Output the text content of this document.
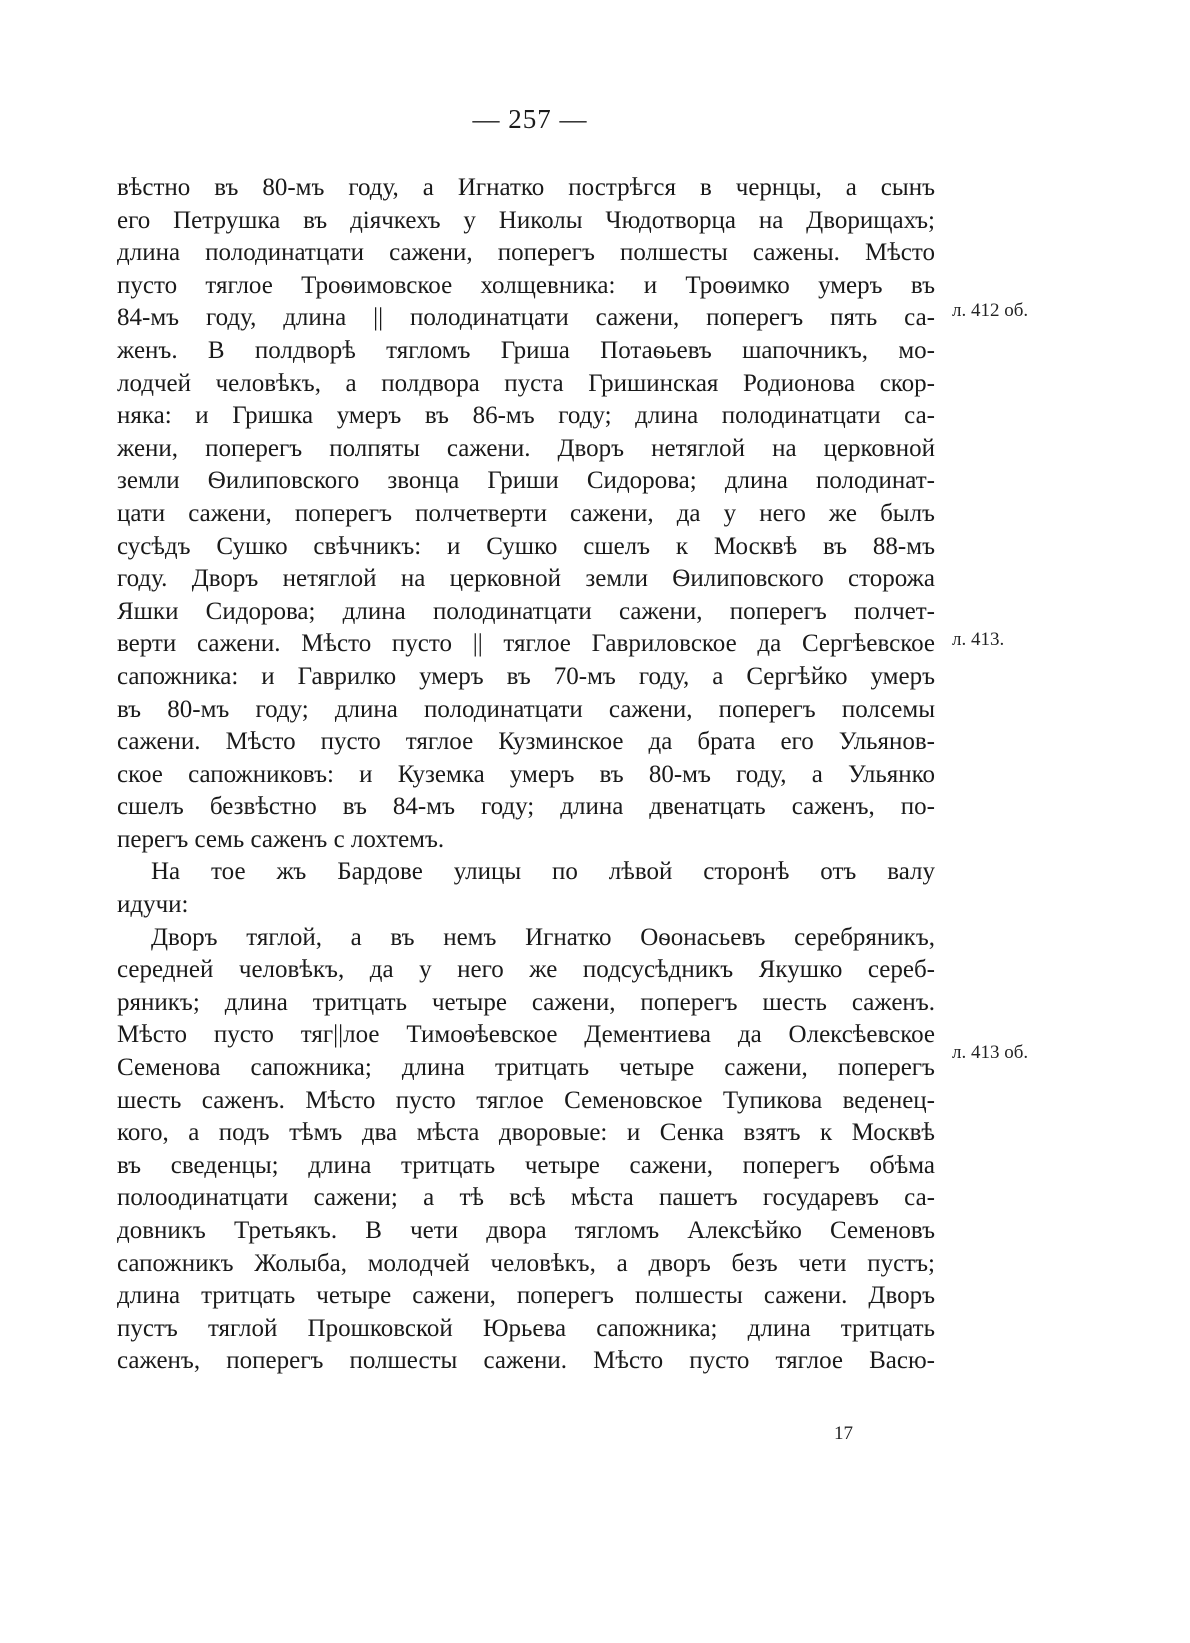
— 257 —
вѣстно въ 80-мъ году, а Игнатко пострѣгся в чернцы, а сынъ
его Петрушка въ діячкехъ у Николы Чюдотворца на Дворищахъ;
длина полодинатцати сажени, поперегъ полшесты сажены. Мѣсто
пусто тяглое Троѳимовское холщевника: и Троѳимко умеръ въ
84-мъ году, длина || полодинатцати сажени, поперегъ пять са-
женъ. В полдворѣ тягломъ Гриша Потаѳьевъ шапочникъ, мо-
лодчей человѣкъ, а полдвора пуста Гришинская Родионова скор-
няка: и Гришка умеръ въ 86-мъ году; длина полодинатцати са-
жени, поперегъ полпяты сажени. Дворъ нетяглой на церковной
земли Ѳилиповского звонца Гриши Сидорова; длина полодинат-
цати сажени, поперегъ полчетверти сажени, да у него же былъ
сусѣдъ Сушко свѣчникъ: и Сушко сшелъ к Москвѣ въ 88-мъ
году. Дворъ нетяглой на церковной земли Ѳилиповского сторожа
Яшки Сидорова; длина полодинатцати сажени, поперегъ полчет-
верти сажени. Мѣсто пусто || тяглое Гавриловское да Сергѣевское
сапожника: и Гаврилко умеръ въ 70-мъ году, а Сергѣйко умеръ
въ 80-мъ году; длина полодинатцати сажени, поперегъ полсемы
сажени. Мѣсто пусто тяглое Кузминское да брата его Ульянов-
ское сапожниковъ: и Куземка умеръ въ 80-мъ году, а Ульянко
сшелъ безвѣстно въ 84-мъ году; длина двенатцать саженъ, по-
перегъ семь саженъ с лохтемъ.
На тое жъ Бардове улицы по лѣвой сторонѣ отъ валу
идучи:
Дворъ тяглой, а въ немъ Игнатко Оѳонасьевъ серебряникъ,
середней человѣкъ, да у него же подсусѣдникъ Якушко сереб-
ряникъ; длина тритцать четыре сажени, поперегъ шесть саженъ.
Мѣсто пусто тяг||лое Тимоѳѣевское Дементиева да Олексѣевское
Семенова сапожника; длина тритцать четыре сажени, поперегъ
шесть саженъ. Мѣсто пусто тяглое Семеновское Тупикова веденец-
кого, а подъ тѣмъ два мѣста дворовые: и Сенка взятъ к Москвѣ
въ сведенцы; длина тритцать четыре сажени, поперегъ обѣма
полоодинатцати сажени; а тѣ всѣ мѣста пашетъ государевъ са-
довникъ Третьякъ. В чети двора тягломъ Алексѣйко Семеновъ
сапожникъ Жолыба, молодчей человѣкъ, а дворъ безъ чети пустъ;
длина тритцать четыре сажени, поперегъ полшесты сажени. Дворъ
пустъ тяглой Прошковской Юрьева сапожника; длина тритцать
саженъ, поперегъ полшесты сажени. Мѣсто пусто тяглое Васю-
л. 412 об.
л. 413.
л. 413 об.
17
